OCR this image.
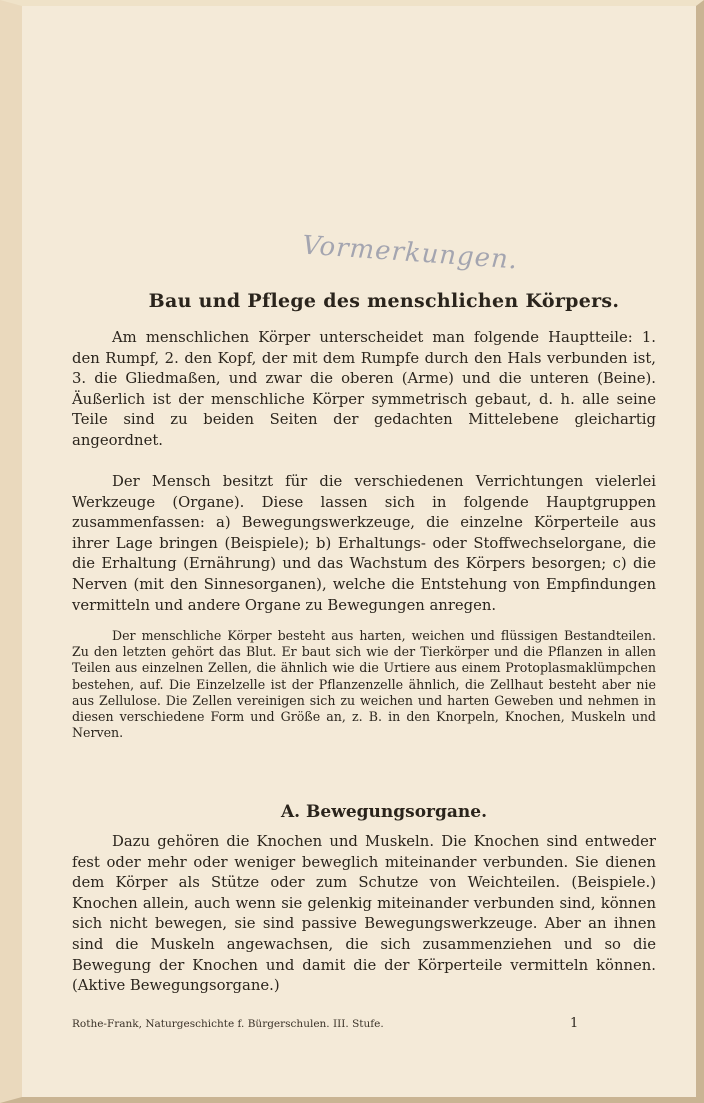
Vormerkungen.
Bau und Pflege des menschlichen Körpers.
Am menschlichen Körper unterscheidet man folgende Hauptteile: 1. den Rumpf, 2. den Kopf, der mit dem Rumpfe durch den Hals verbunden ist, 3. die Gliedmaßen, und zwar die oberen (Arme) und die unteren (Beine). Äußerlich ist der menschliche Körper symmetrisch gebaut, d. h. alle seine Teile sind zu beiden Seiten der gedachten Mittelebene gleichartig angeordnet.
Der Mensch besitzt für die verschiedenen Verrichtungen vielerlei Werkzeuge (Organe). Diese lassen sich in folgende Hauptgruppen zusammenfassen: a) Bewegungswerkzeuge, die einzelne Körperteile aus ihrer Lage bringen (Beispiele); b) Erhaltungs- oder Stoffwechselorgane, die die Erhaltung (Ernährung) und das Wachstum des Körpers besorgen; c) die Nerven (mit den Sinnesorganen), welche die Entstehung von Empfindungen vermitteln und andere Organe zu Bewegungen anregen.
Der menschliche Körper besteht aus harten, weichen und flüssigen Bestandteilen. Zu den letzten gehört das Blut. Er baut sich wie der Tierkörper und die Pflanzen in allen Teilen aus einzelnen Zellen, die ähnlich wie die Urtiere aus einem Protoplasmaklümpchen bestehen, auf. Die Einzelzelle ist der Pflanzenzelle ähnlich, die Zellhaut besteht aber nie aus Zellulose. Die Zellen vereinigen sich zu weichen und harten Geweben und nehmen in diesen verschiedene Form und Größe an, z. B. in den Knorpeln, Knochen, Muskeln und Nerven.
A. Bewegungsorgane.
Dazu gehören die Knochen und Muskeln. Die Knochen sind entweder fest oder mehr oder weniger beweglich miteinander verbunden. Sie dienen dem Körper als Stütze oder zum Schutze von Weichteilen. (Beispiele.) Knochen allein, auch wenn sie gelenkig miteinander verbunden sind, können sich nicht bewegen, sie sind passive Bewegungswerkzeuge. Aber an ihnen sind die Muskeln angewachsen, die sich zusammenziehen und so die Bewegung der Knochen und damit die der Körperteile vermitteln können. (Aktive Bewegungsorgane.)
Rothe-Frank, Naturgeschichte f. Bürgerschulen. III. Stufe.	1
